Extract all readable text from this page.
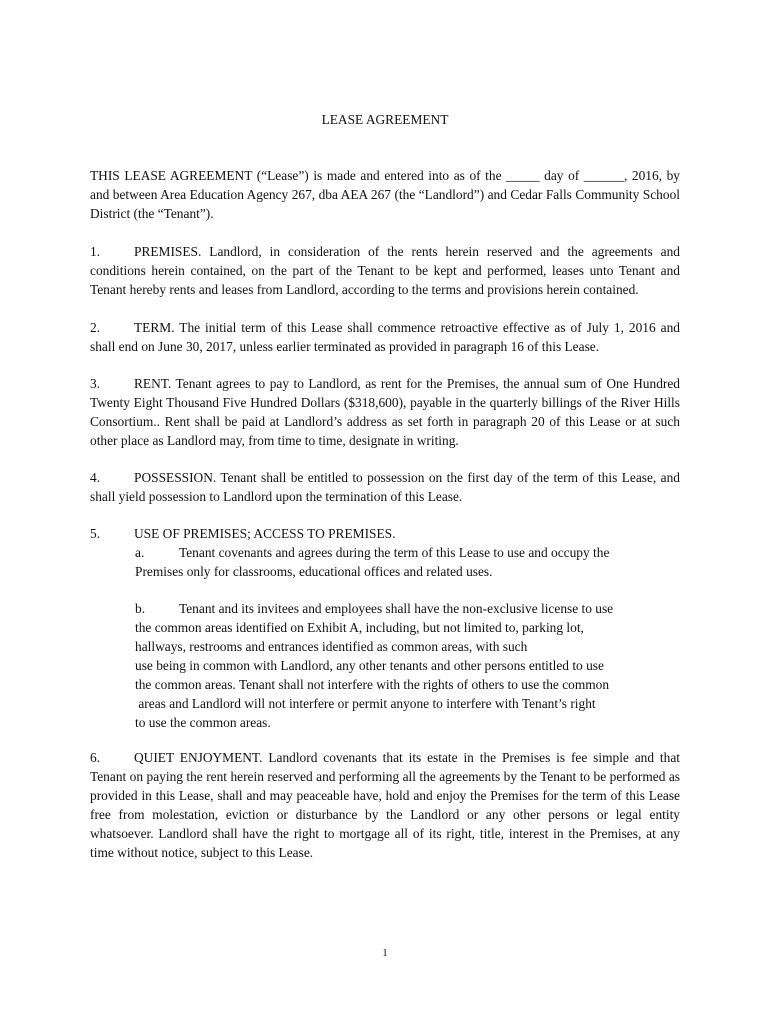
LEASE AGREEMENT
THIS LEASE AGREEMENT (“Lease”) is made and entered into as of the _____ day of ______, 2016, by and between Area Education Agency 267, dba AEA 267 (the “Landlord”) and Cedar Falls Community School District (the “Tenant”).
1.	PREMISES. Landlord, in consideration of the rents herein reserved and the agreements and conditions herein contained, on the part of the Tenant to be kept and performed, leases unto Tenant and Tenant hereby rents and leases from Landlord, according to the terms and provisions herein contained.
2.	TERM. The initial term of this Lease shall commence retroactive effective as of July 1, 2016 and shall end on June 30, 2017, unless earlier terminated as provided in paragraph 16 of this Lease.
3.	RENT. Tenant agrees to pay to Landlord, as rent for the Premises, the annual sum of One Hundred Twenty Eight Thousand Five Hundred Dollars ($318,600), payable in the quarterly billings of the River Hills Consortium.. Rent shall be paid at Landlord’s address as set forth in paragraph 20 of this Lease or at such other place as Landlord may, from time to time, designate in writing.
4.	POSSESSION. Tenant shall be entitled to possession on the first day of the term of this Lease, and shall yield possession to Landlord upon the termination of this Lease.
5.	USE OF PREMISES; ACCESS TO PREMISES.
a.	Tenant covenants and agrees during the term of this Lease to use and occupy the
Premises only for classrooms, educational offices and related uses.
b.	Tenant and its invitees and employees shall have the non-exclusive license to use
the common areas identified on Exhibit A, including, but not limited to, parking lot,
hallways, restrooms and entrances identified as common areas, with such
use being in common with Landlord, any other tenants and other persons entitled to use
the common areas. Tenant shall not interfere with the rights of others to use the common
areas and Landlord will not interfere or permit anyone to interfere with Tenant’s right
to use the common areas.
6.	QUIET ENJOYMENT. Landlord covenants that its estate in the Premises is fee simple and that Tenant on paying the rent herein reserved and performing all the agreements by the Tenant to be performed as provided in this Lease, shall and may peaceable have, hold and enjoy the Premises for the term of this Lease free from molestation, eviction or disturbance by the Landlord or any other persons or legal entity whatsoever. Landlord shall have the right to mortgage all of its right, title, interest in the Premises, at any time without notice, subject to this Lease.
1
